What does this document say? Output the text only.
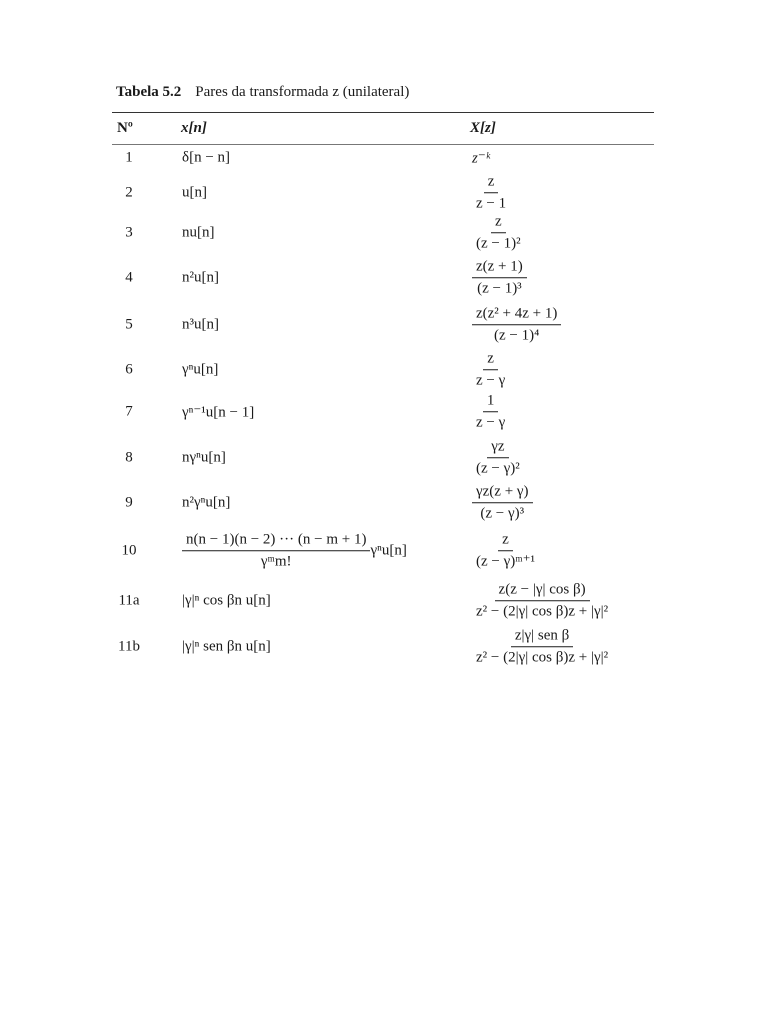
Tabela 5.2 Pares da transformada z (unilateral)
Nº	x[n]	X[z]
1	δ[n − n]	z⁻ᵏ
2	u[n]	$\frac{z}{z - 1}$
3	nu[n]	$\frac{z}{\text{(z − 1)²}}$
4	n²u[n]	$\frac{z(z + 1)}{\text{(z − 1)³}}$
5	n³u[n]	$\frac{\text{z(z² + 4z + 1)}}{\text{(z − 1)⁴}}$
6	γⁿu[n]	$\frac{z}{z - \gamma}$
7	γⁿ⁻¹u[n − 1]	$\frac{1}{z - \gamma}$
8	nγⁿu[n]	$\frac{\gamma z}{\text{(z − γ)²}}$
9	n²γⁿu[n]	$\frac{\gamma z(z + \gamma)}{\text{(z − γ)³}}$
10	$\frac{n(n - 1)(n - 2) \cdot\cdot\cdot (n - m + 1)}{\text{γᵐm!}} \gamma^nu[n]$	$\frac{z}{\text{(z − γ)ᵐ⁺¹}}$
11a	|γ|ⁿ cos βn u[n]	$\frac{\text{z(z − |γ| cos β)}}{\text{z² − (2|γ| cos β)z + |γ|²}}$
11b	|γ|ⁿ sen βn u[n]	$\frac{\text{z|γ| sen β}}{\text{z² − (2|γ| cos β)z + |γ|²}}$
